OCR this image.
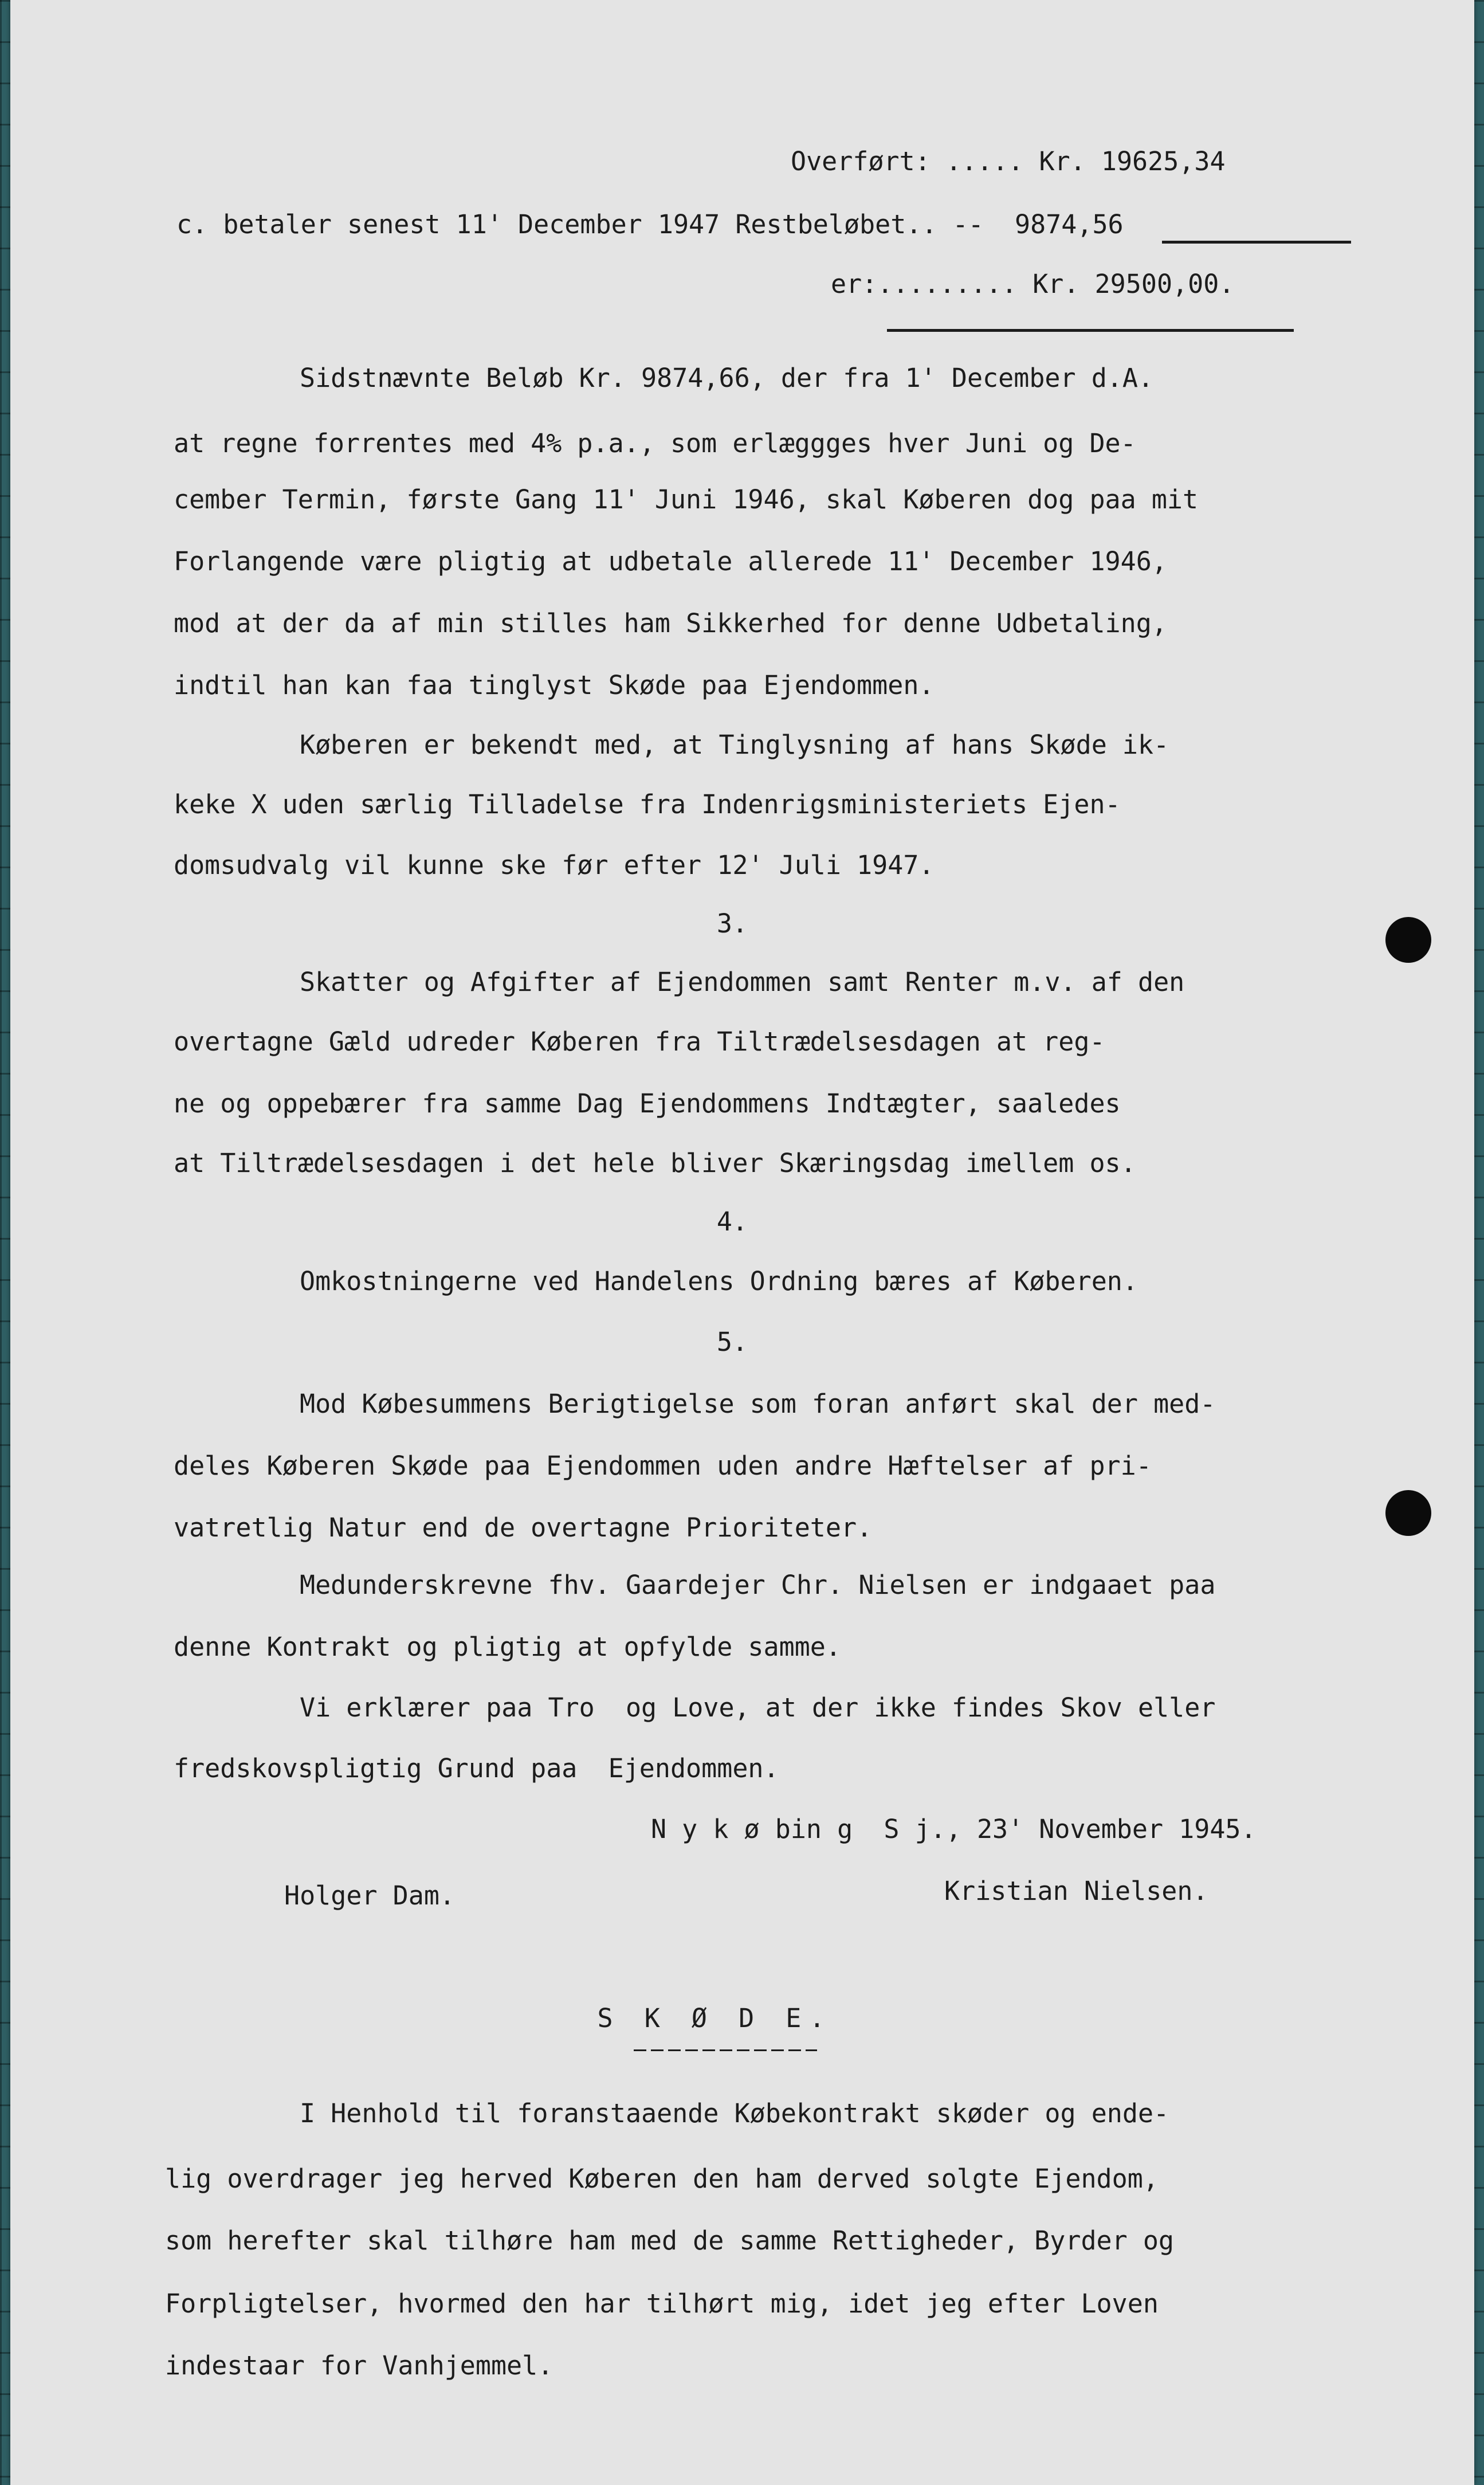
Overført: ..... Kr. 19625,34

c. betaler senest 11' December 1947 Restbeløbet.. --  9874,56

er:......... Kr. 29500,00.

Sidstnævnte Beløb Kr. 9874,66, der fra 1' December d.A.

at regne forrentes med 4% p.a., som erlæggges hver Juni og De-

cember Termin, første Gang 11' Juni 1946, skal Køberen dog paa mit

Forlangende være pligtig at udbetale allerede 11' December 1946,

mod at der da af min stilles ham Sikkerhed for denne Udbetaling,

indtil han kan faa tinglyst Skøde paa Ejendommen.

Køberen er bekendt med, at Tinglysning af hans Skøde ik-

keke X uden særlig Tilladelse fra Indenrigsministeriets Ejen-

domsudvalg vil kunne ske før efter 12' Juli 1947.

3.

Skatter og Afgifter af Ejendommen samt Renter m.v. af den

overtagne Gæld udreder Køberen fra Tiltrædelsesdagen at reg-

ne og oppebærer fra samme Dag Ejendommens Indtægter, saaledes

at Tiltrædelsesdagen i det hele bliver Skæringsdag imellem os.

4.

Omkostningerne ved Handelens Ordning bæres af Køberen.

5.

Mod Købesummens Berigtigelse som foran anført skal der med-

deles Køberen Skøde paa Ejendommen uden andre Hæftelser af pri-

vatretlig Natur end de overtagne Prioriteter.

Medunderskrevne fhv. Gaardejer Chr. Nielsen er indgaaet paa

denne Kontrakt og pligtig at opfylde samme.

Vi erklærer paa Tro  og Love, at der ikke findes Skov eller

fredskovspligtig Grund paa  Ejendommen.

N y k ø bin g  S j., 23' November 1945.

Holger Dam.	Kristian Nielsen.

S K Ø D E.

I Henhold til foranstaaende Købekontrakt skøder og ende-

lig overdrager jeg herved Køberen den ham derved solgte Ejendom,

som herefter skal tilhøre ham med de samme Rettigheder, Byrder og

Forpligtelser, hvormed den har tilhørt mig, idet jeg efter Loven

indestaar for Vanhjemmel.
